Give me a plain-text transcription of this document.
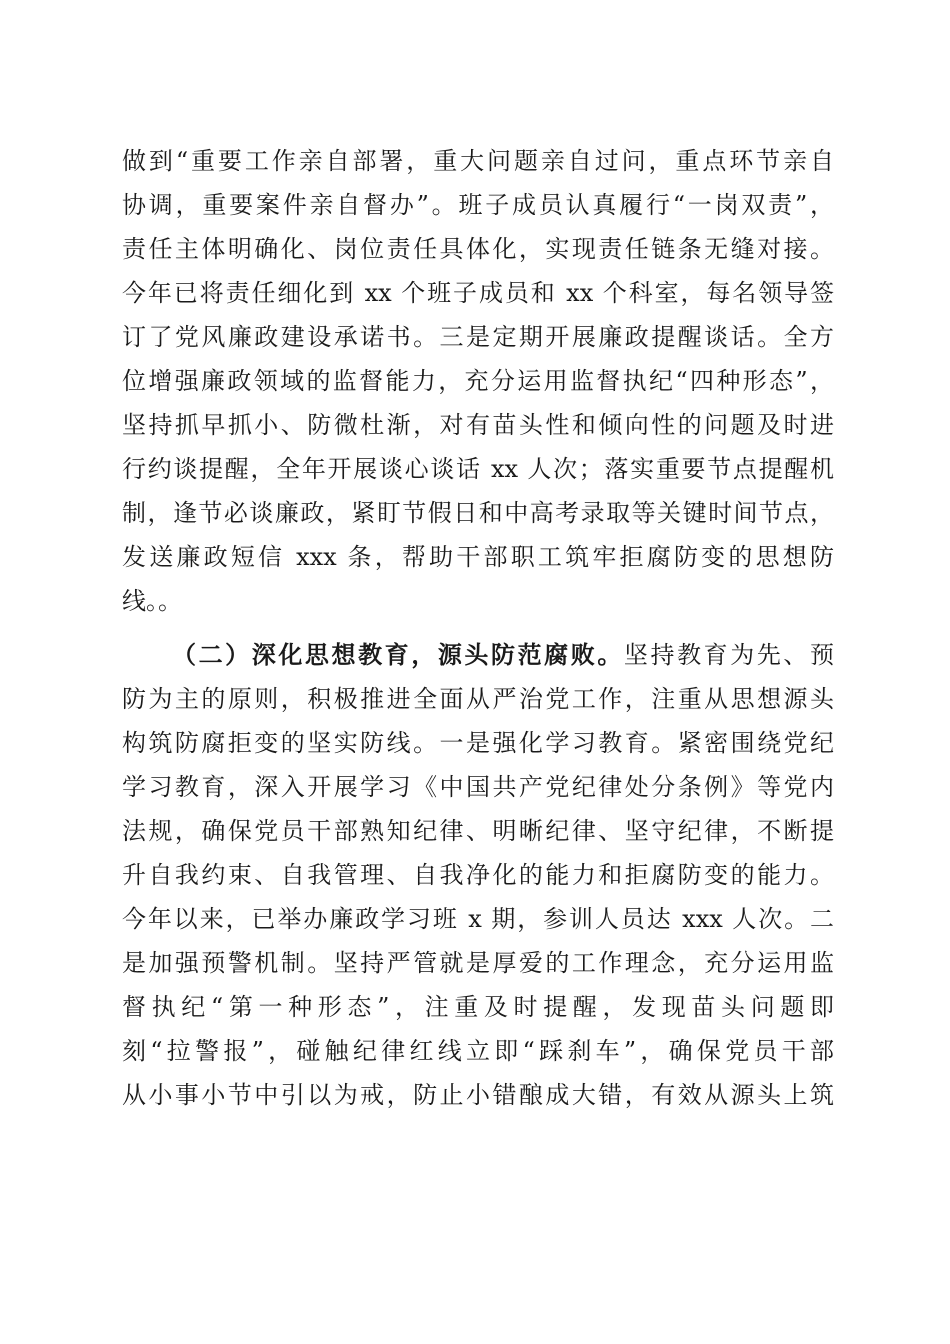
做到“重要工作亲自部署，重大问题亲自过问，重点环节亲自
协调，重要案件亲自督办”。班子成员认真履行“一岗双责”，
责任主体明确化、岗位责任具体化，实现责任链条无缝对接。
今年已将责任细化到 xx 个班子成员和 xx 个科室，每名领导签
订了党风廉政建设承诺书。三是定期开展廉政提醒谈话。全方
位增强廉政领域的监督能力，充分运用监督执纪“四种形态”，
坚持抓早抓小、防微杜渐，对有苗头性和倾向性的问题及时进
行约谈提醒，全年开展谈心谈话 xx 人次；落实重要节点提醒机
制，逢节必谈廉政，紧盯节假日和中高考录取等关键时间节点，
发送廉政短信 xxx 条，帮助干部职工筑牢拒腐防变的思想防
线。。
（二）深化思想教育，源头防范腐败。坚持教育为先、预
防为主的原则，积极推进全面从严治党工作，注重从思想源头
构筑防腐拒变的坚实防线。一是强化学习教育。紧密围绕党纪
学习教育，深入开展学习《中国共产党纪律处分条例》等党内
法规，确保党员干部熟知纪律、明晰纪律、坚守纪律，不断提
升自我约束、自我管理、自我净化的能力和拒腐防变的能力。
今年以来，已举办廉政学习班 x 期，参训人员达 xxx 人次。二
是加强预警机制。坚持严管就是厚爱的工作理念，充分运用监
督执纪“第一种形态”，注重及时提醒，发现苗头问题即
刻“拉警报”，碰触纪律红线立即“踩刹车”，确保党员干部
从小事小节中引以为戒，防止小错酿成大错，有效从源头上筑
